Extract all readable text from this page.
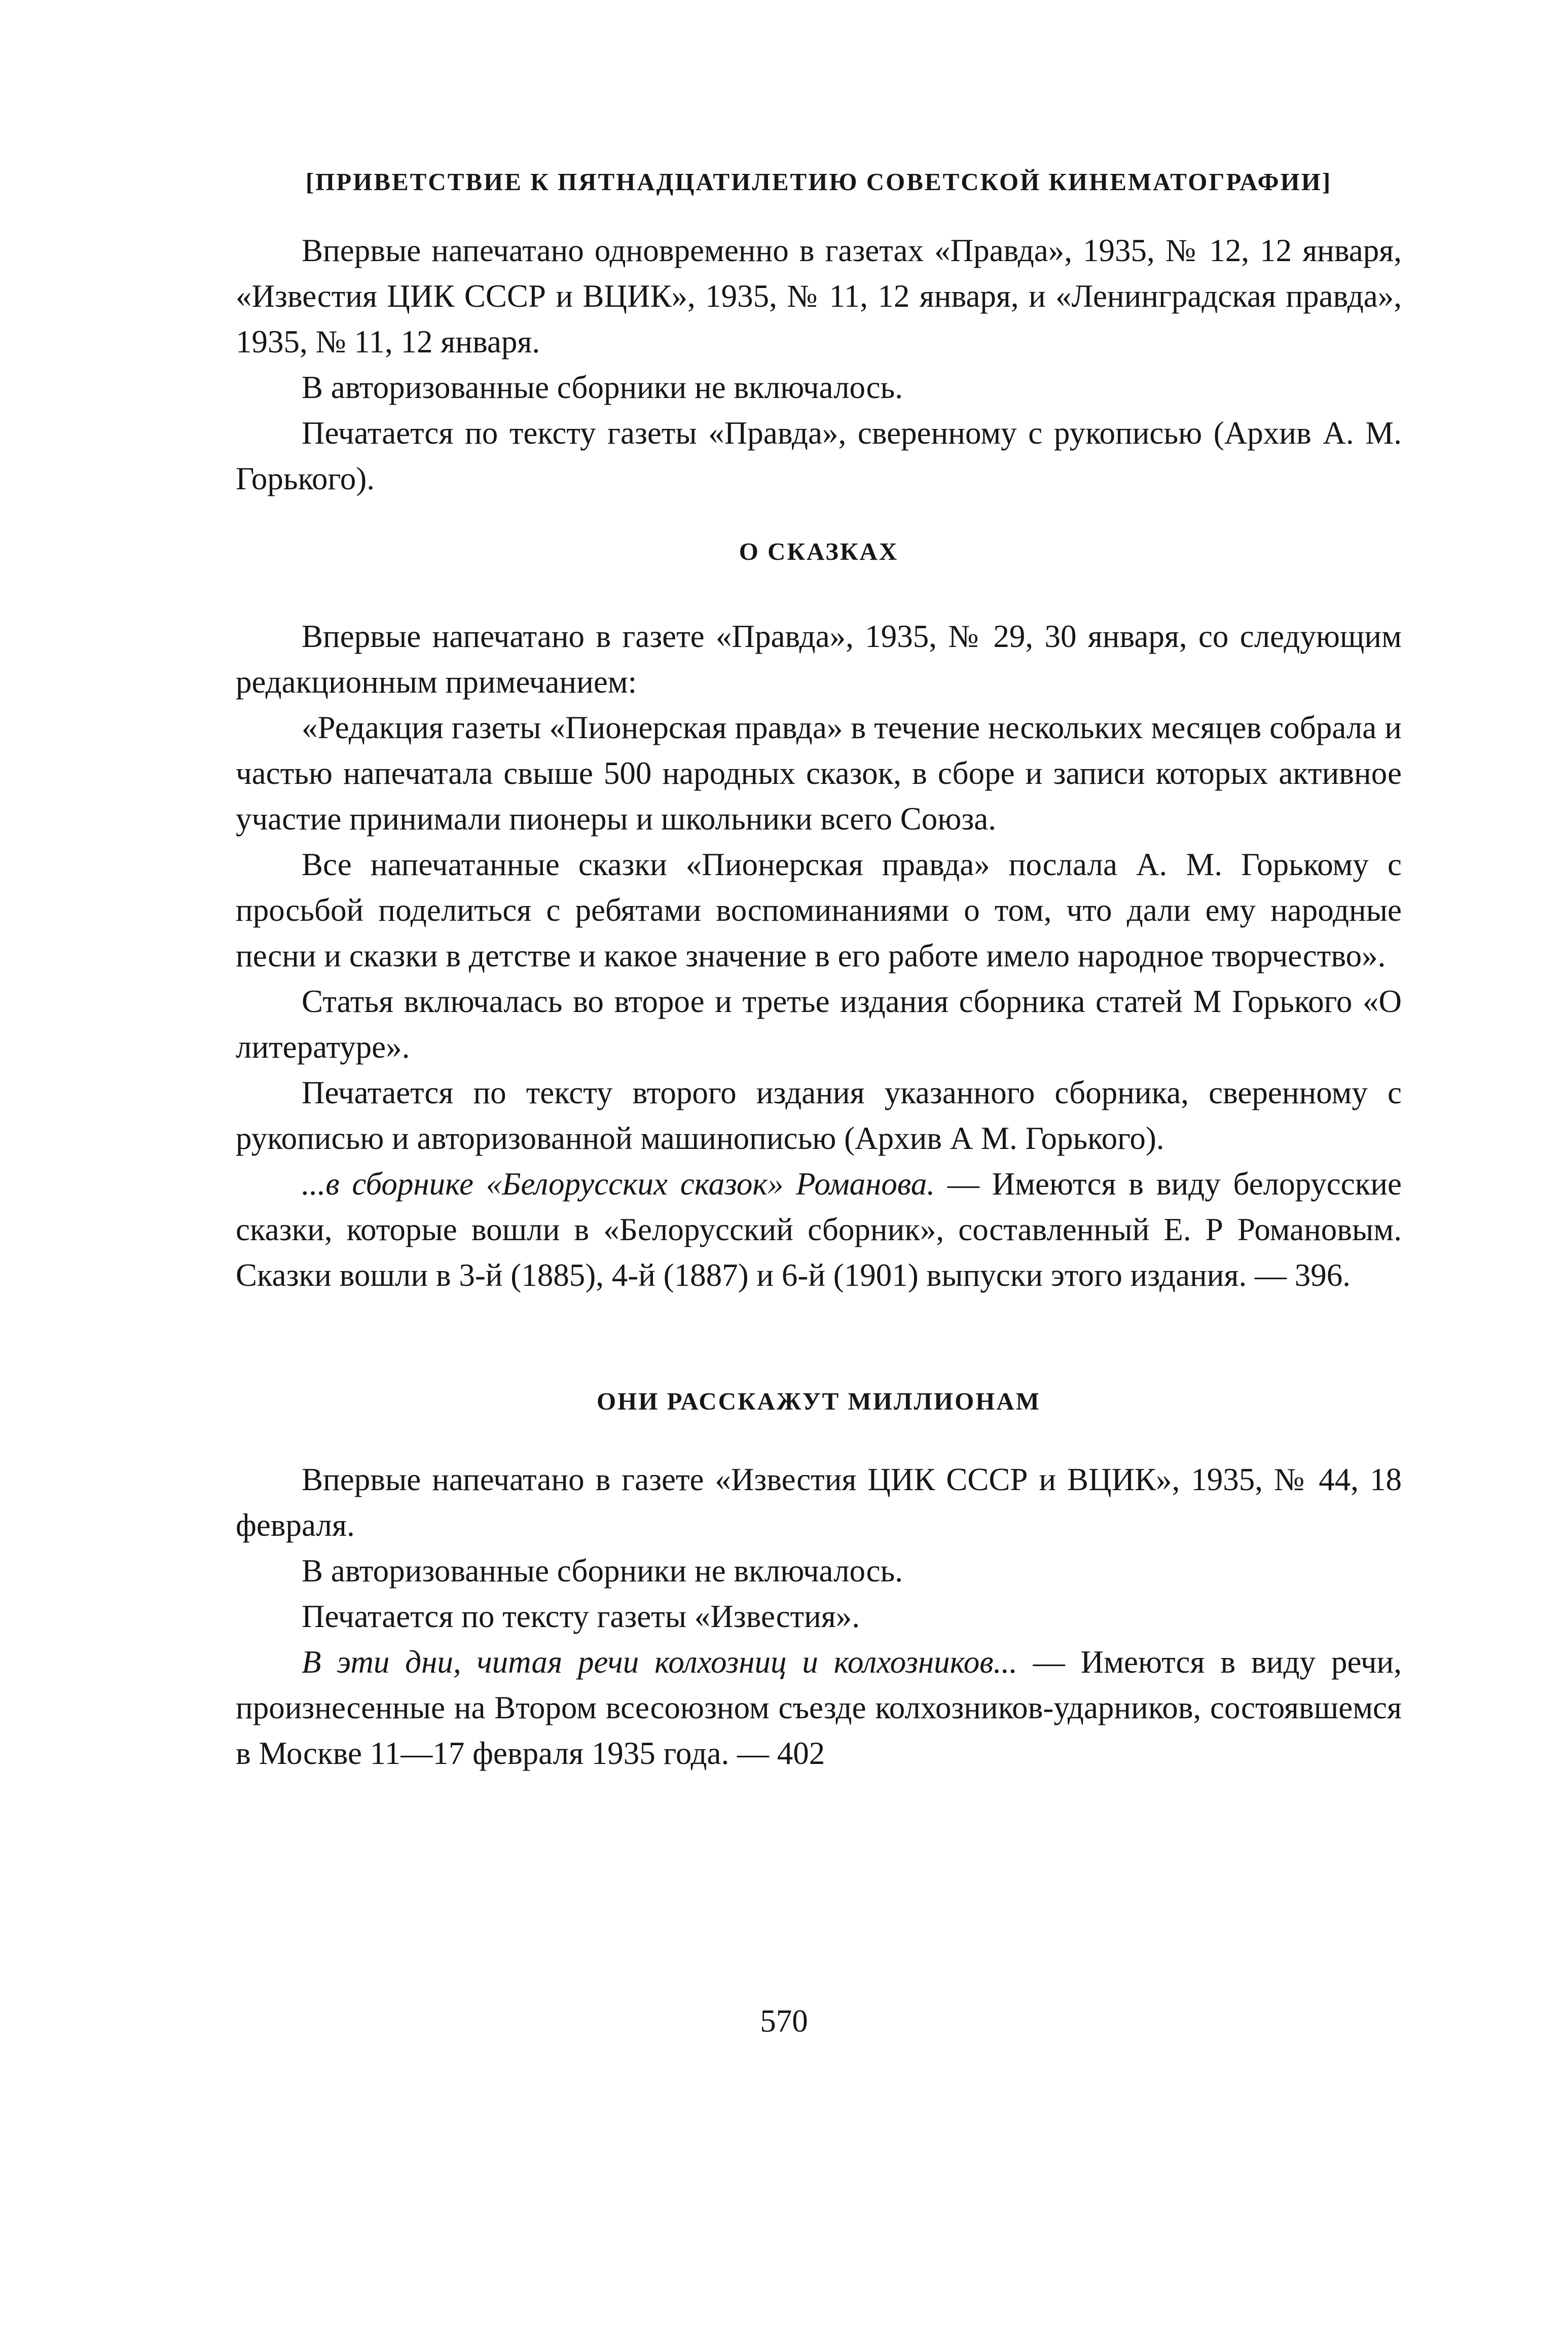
[ПРИВЕТСТВИЕ К ПЯТНАДЦАТИЛЕТИЮ СОВЕТСКОЙ КИНЕМАТОГРАФИИ]

Впервые напечатано одновременно в газетах «Правда», 1935, № 12, 12 января, «Известия ЦИК СССР и ВЦИК», 1935, № 11, 12 января, и «Ленинградская правда», 1935, № 11, 12 января.

В авторизованные сборники не включалось.

Печатается по тексту газеты «Правда», сверенному с рукописью (Архив А. М. Горького).

О СКАЗКАХ

Впервые напечатано в газете «Правда», 1935, № 29, 30 января, со следующим редакционным примечанием:

«Редакция газеты «Пионерская правда» в течение нескольких месяцев собрала и частью напечатала свыше 500 народных сказок, в сборе и записи которых активное участие принимали пионеры и школьники всего Союза.

Все напечатанные сказки «Пионерская правда» послала А. М. Горькому с просьбой поделиться с ребятами воспоминаниями о том, что дали ему народные песни и сказки в детстве и какое значение в его работе имело народное творчество».

Статья включалась во второе и третье издания сборника статей М Горького «О литературе».

Печатается по тексту второго издания указанного сборника, сверенному с рукописью и авторизованной машинописью (Архив А М. Горького).

...в сборнике «Белорусских сказок» Романова. — Имеются в виду белорусские сказки, которые вошли в «Белорусский сборник», составленный Е. Р Романовым. Сказки вошли в 3-й (1885), 4-й (1887) и 6-й (1901) выпуски этого издания. — 396.

ОНИ РАССКАЖУТ МИЛЛИОНАМ

Впервые напечатано в газете «Известия ЦИК СССР и ВЦИК», 1935, № 44, 18 февраля.

В авторизованные сборники не включалось.

Печатается по тексту газеты «Известия».

В эти дни, читая речи колхозниц и колхозников... — Имеются в виду речи, произнесенные на Втором всесоюзном съезде колхозников-ударников, состоявшемся в Москве 11—17 февраля 1935 года. — 402

570
